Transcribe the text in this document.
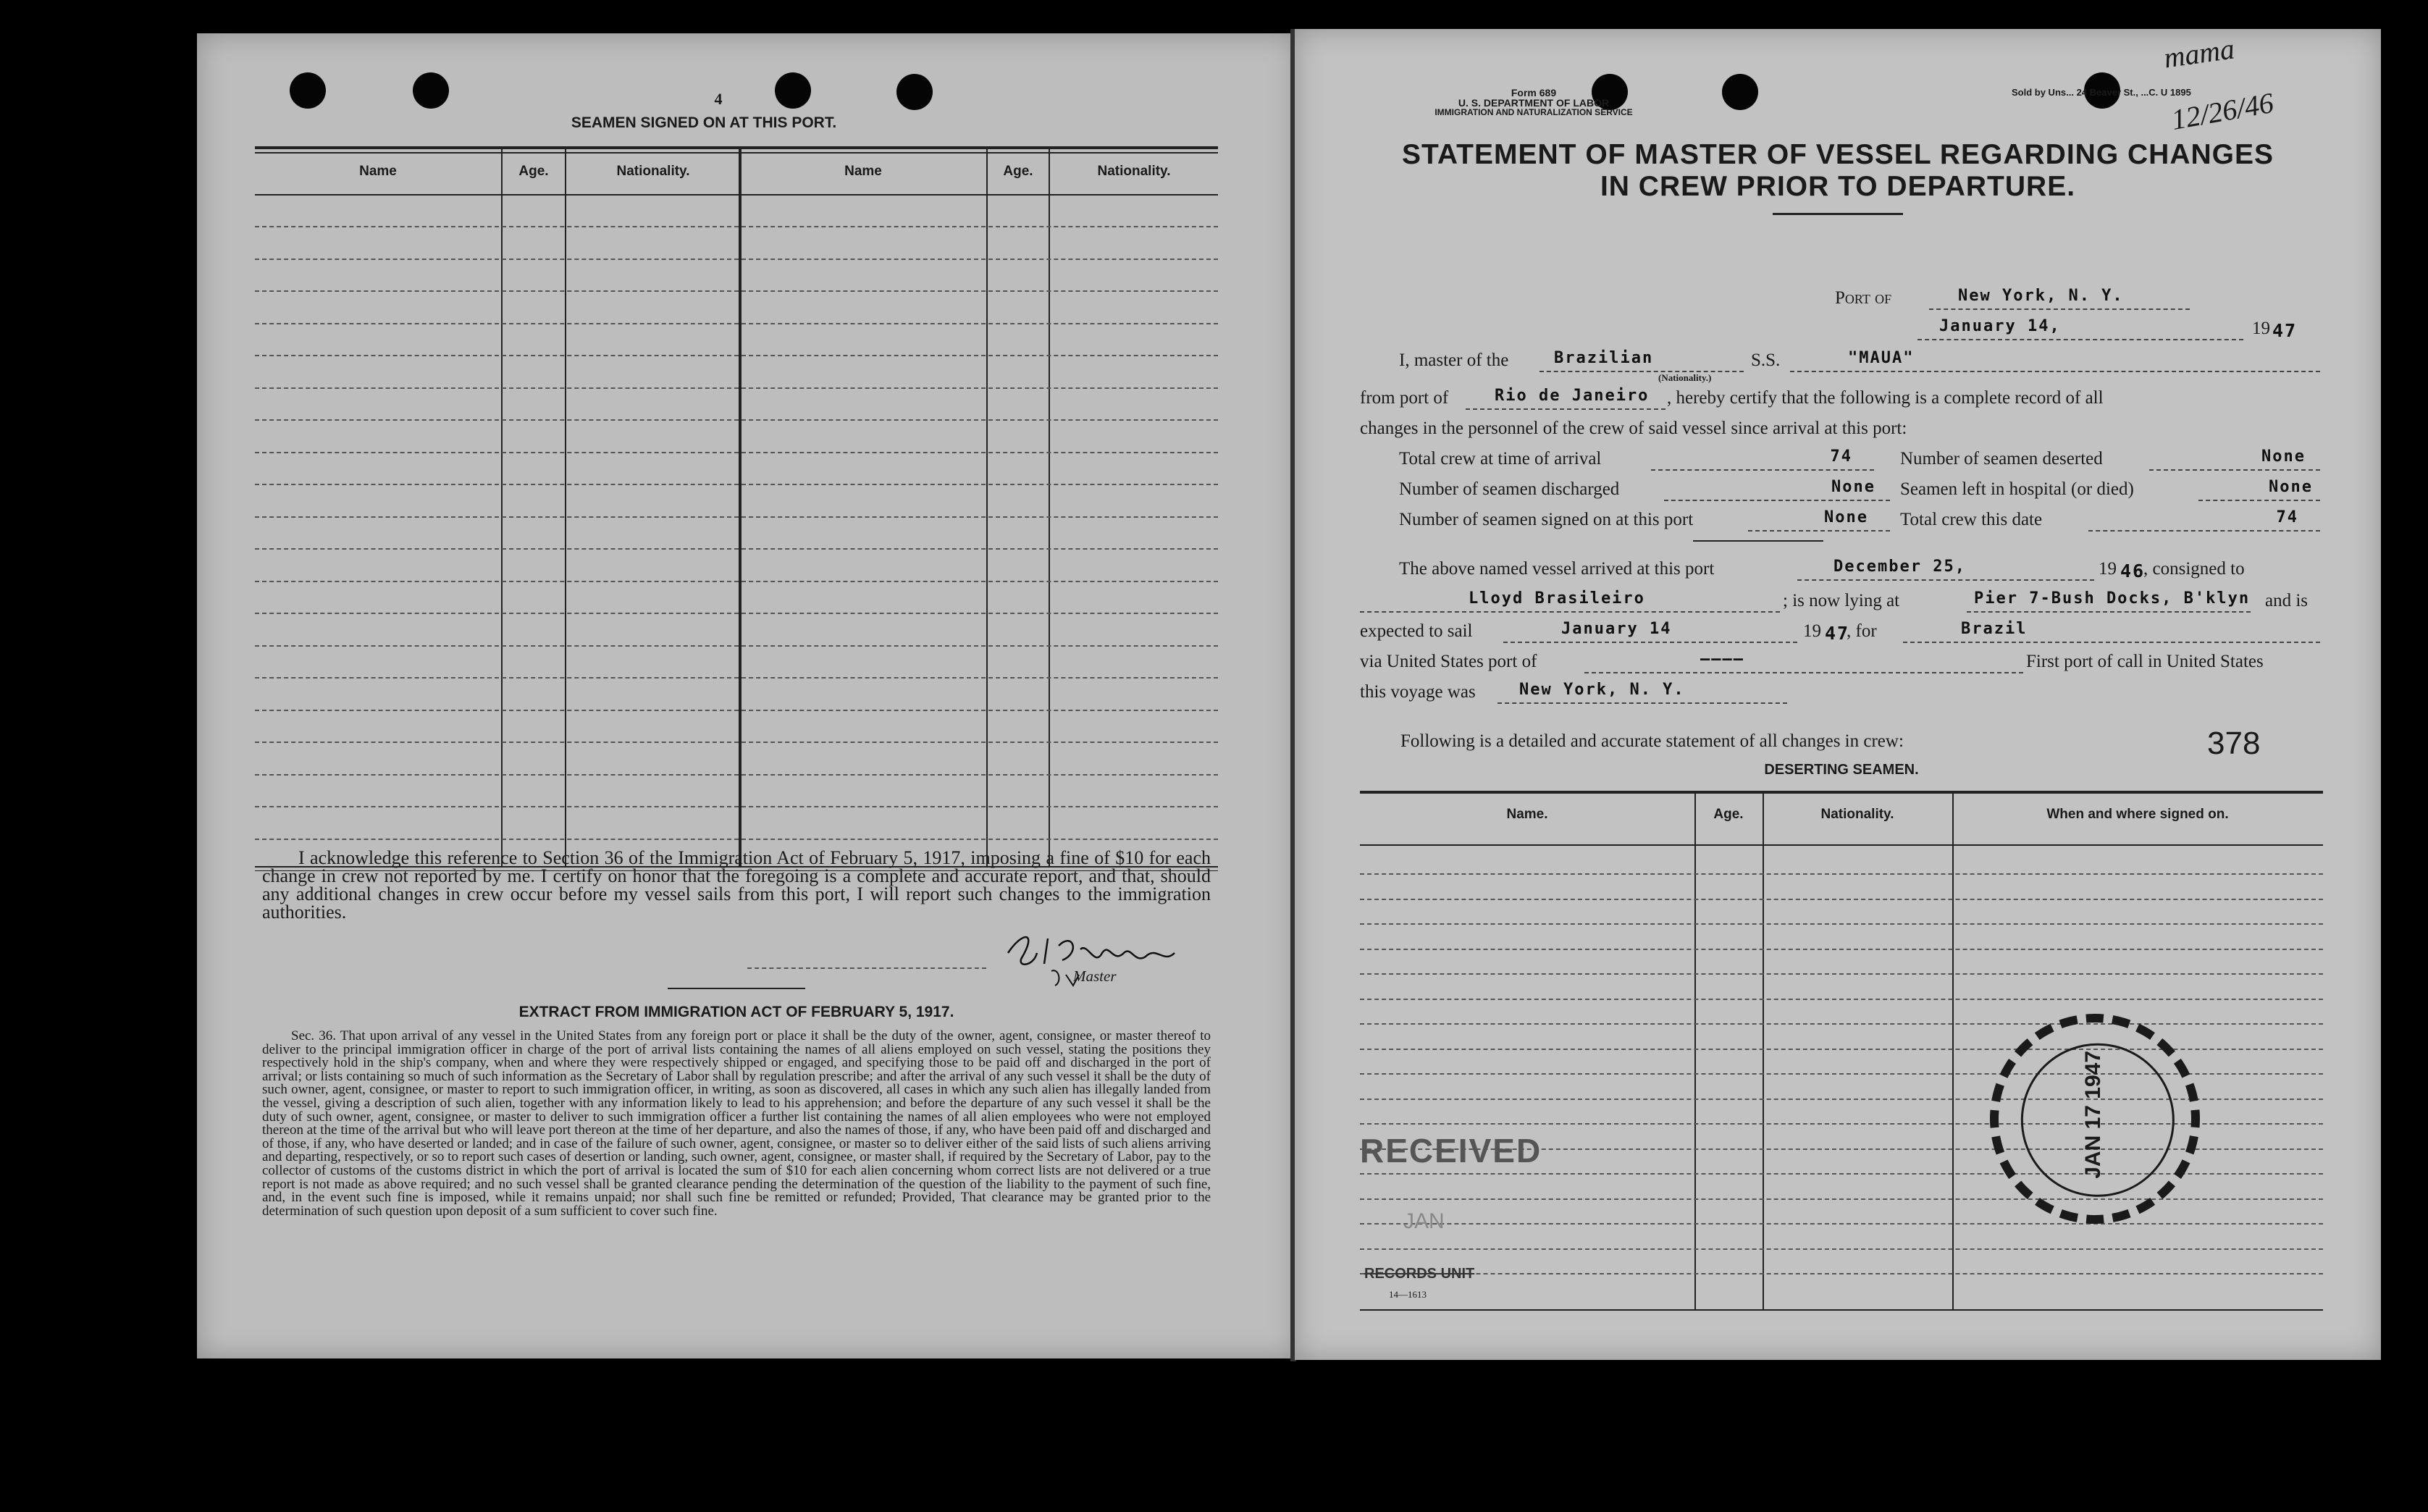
4
SEAMEN SIGNED ON AT THIS PORT.
Name	Age.	Nationality.	Name	Age.	Nationality.
I acknowledge this reference to Section 36 of the Immigration Act of February 5, 1917, imposing a fine of $10 for each change in crew not reported by me. I certify on honor that the foregoing is a complete and accurate report, and that, should any additional changes in crew occur before my vessel sails from this port, I will report such changes to the immigration authorities.
Master
EXTRACT FROM IMMIGRATION ACT OF FEBRUARY 5, 1917.
Sec. 36. That upon arrival of any vessel in the United States from any foreign port or place it shall be the duty of the owner, agent, consignee, or master thereof to deliver to the principal immigration officer in charge of the port of arrival lists containing the names of all aliens employed on such vessel, stating the positions they respectively hold in the ship's company, when and where they were respectively shipped or engaged, and specifying those to be paid off and discharged in the port of arrival; or lists containing so much of such information as the Secretary of Labor shall by regulation prescribe; and after the arrival of any such vessel it shall be the duty of such owner, agent, consignee, or master to report to such immigration officer, in writing, as soon as discovered, all cases in which any such alien has illegally landed from the vessel, giving a description of such alien, together with any information likely to lead to his apprehension; and before the departure of any such vessel it shall be the duty of such owner, agent, consignee, or master to deliver to such immigration officer a further list containing the names of all alien employees who were not employed thereon at the time of the arrival but who will leave port thereon at the time of her departure, and also the names of those, if any, who have been paid off and discharged and of those, if any, who have deserted or landed; and in case of the failure of such owner, agent, consignee, or master so to deliver either of the said lists of such aliens arriving and departing, respectively, or so to report such cases of desertion or landing, such owner, agent, consignee, or master shall, if required by the Secretary of Labor, pay to the collector of customs of the customs district in which the port of arrival is located the sum of $10 for each alien concerning whom correct lists are not delivered or a true report is not made as above required; and no such vessel shall be granted clearance pending the determination of the question of the liability to the payment of such fine, and, in the event such fine is imposed, while it remains unpaid; nor shall such fine be remitted or refunded; Provided, That clearance may be granted prior to the determination of such question upon deposit of a sum sufficient to cover such fine.
Form 689
U. S. DEPARTMENT OF LABOR
IMMIGRATION AND NATURALIZATION SERVICE
Sold by Uns... 24 Beaver St., ...C. U 1895
mama
12/26/46
STATEMENT OF MASTER OF VESSEL REGARDING CHANGES
IN CREW PRIOR TO DEPARTURE.
Port of	New York, N. Y.
January 14,	19 47
I, master of the	Brazilian
(Nationality.)
S.S.	"MAUA"
from port of	Rio de Janeiro , hereby certify that the following is a complete record of all
changes in the personnel of the crew of said vessel since arrival at this port:
Total crew at time of arrival	74	Number of seamen deserted	None
Number of seamen discharged	None	Seamen left in hospital (or died)	None
Number of seamen signed on at this port	None	Total crew this date	74
The above named vessel arrived at this port	December 25,	19 46
, consigned to
Lloyd Brasileiro	; is now lying at	Pier 7-Bush Docks, B'klyn and is
expected to sail	January 14	19 47
, for	Brazil
via United States port of	————	First port of call in United States
this voyage was	New York, N. Y.
Following is a detailed and accurate statement of all changes in crew:	378
DESERTING SEAMEN.
Name.	Age.	Nationality.	When and where signed on.
RECEIVED
JAN
RECORDS UNIT
14—1613
JAN 17 1947
